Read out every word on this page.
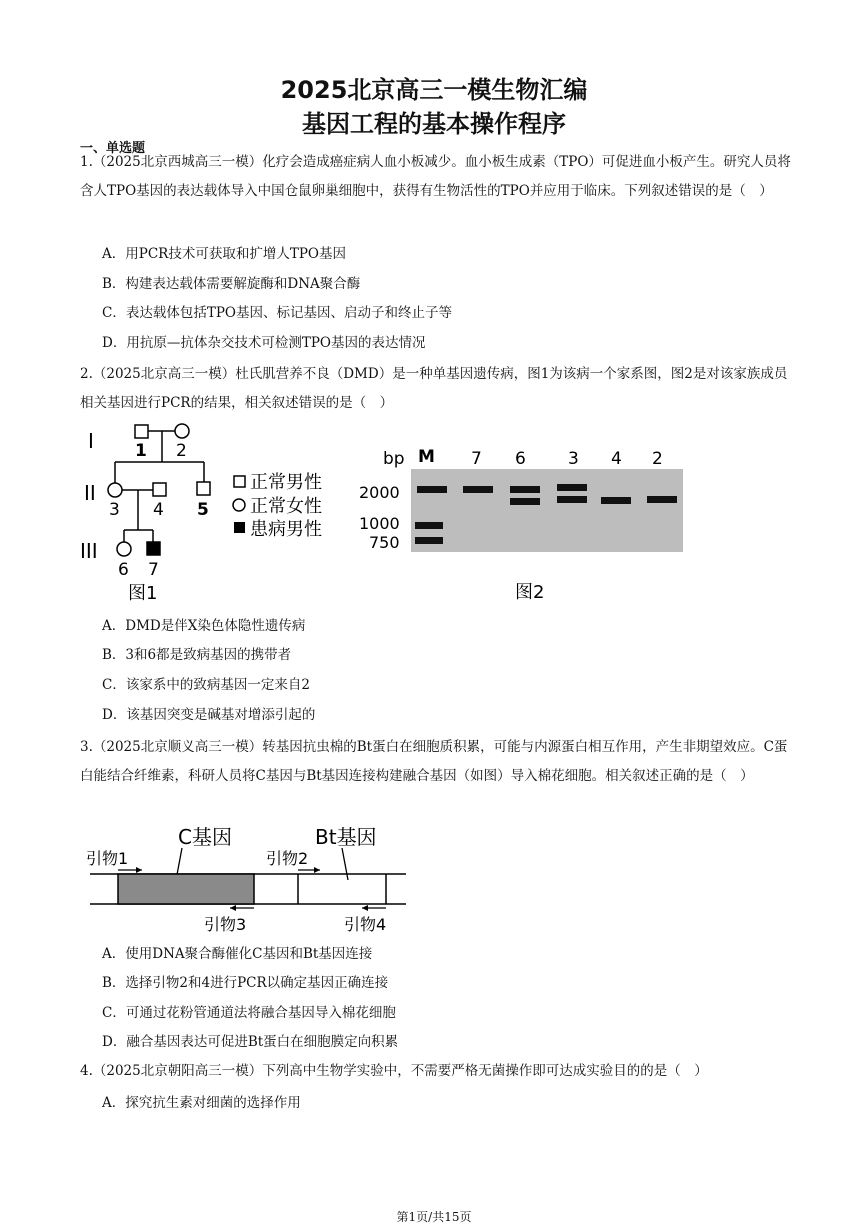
2025北京高三一模生物汇编
基因工程的基本操作程序
一、单选题
1.（2025北京西城高三一模）化疗会造成癌症病人血小板减少。血小板生成素（TPO）可促进血小板产生。研究人员将含人TPO基因的表达载体导入中国仓鼠卵巢细胞中，获得有生物活性的TPO并应用于临床。下列叙述错误的是（　）
A．用PCR技术可获取和扩增人TPO基因
B．构建表达载体需要解旋酶和DNA聚合酶
C．表达载体包括TPO基因、标记基因、启动子和终止子等
D．用抗原—抗体杂交技术可检测TPO基因的表达情况
2.（2025北京高三一模）杜氏肌营养不良（DMD）是一种单基因遗传病，图1为该病一个家系图，图2是对该家族成员相关基因进行PCR的结果，相关叙述错误的是（　）
I
II
III
1 2
3 4 5
6 7
正常男性
正常女性
患病男性
图1
bp M 7 6 3 4 2
2000
1000
750
图2
A．DMD是伴X染色体隐性遗传病
B．3和6都是致病基因的携带者
C．该家系中的致病基因一定来自2
D．该基因突变是碱基对增添引起的
3.（2025北京顺义高三一模）转基因抗虫棉的Bt蛋白在细胞质积累，可能与内源蛋白相互作用，产生非期望效应。C蛋白能结合纤维素，科研人员将C基因与Bt基因连接构建融合基因（如图）导入棉花细胞。相关叙述正确的是（　）
C基因	Bt基因
引物1	引物2
引物3	引物4
A．使用DNA聚合酶催化C基因和Bt基因连接
B．选择引物2和4进行PCR以确定基因正确连接
C．可通过花粉管通道法将融合基因导入棉花细胞
D．融合基因表达可促进Bt蛋白在细胞膜定向积累
4.（2025北京朝阳高三一模）下列高中生物学实验中，不需要严格无菌操作即可达成实验目的的是（　）
A．探究抗生素对细菌的选择作用
第1页/共15页
